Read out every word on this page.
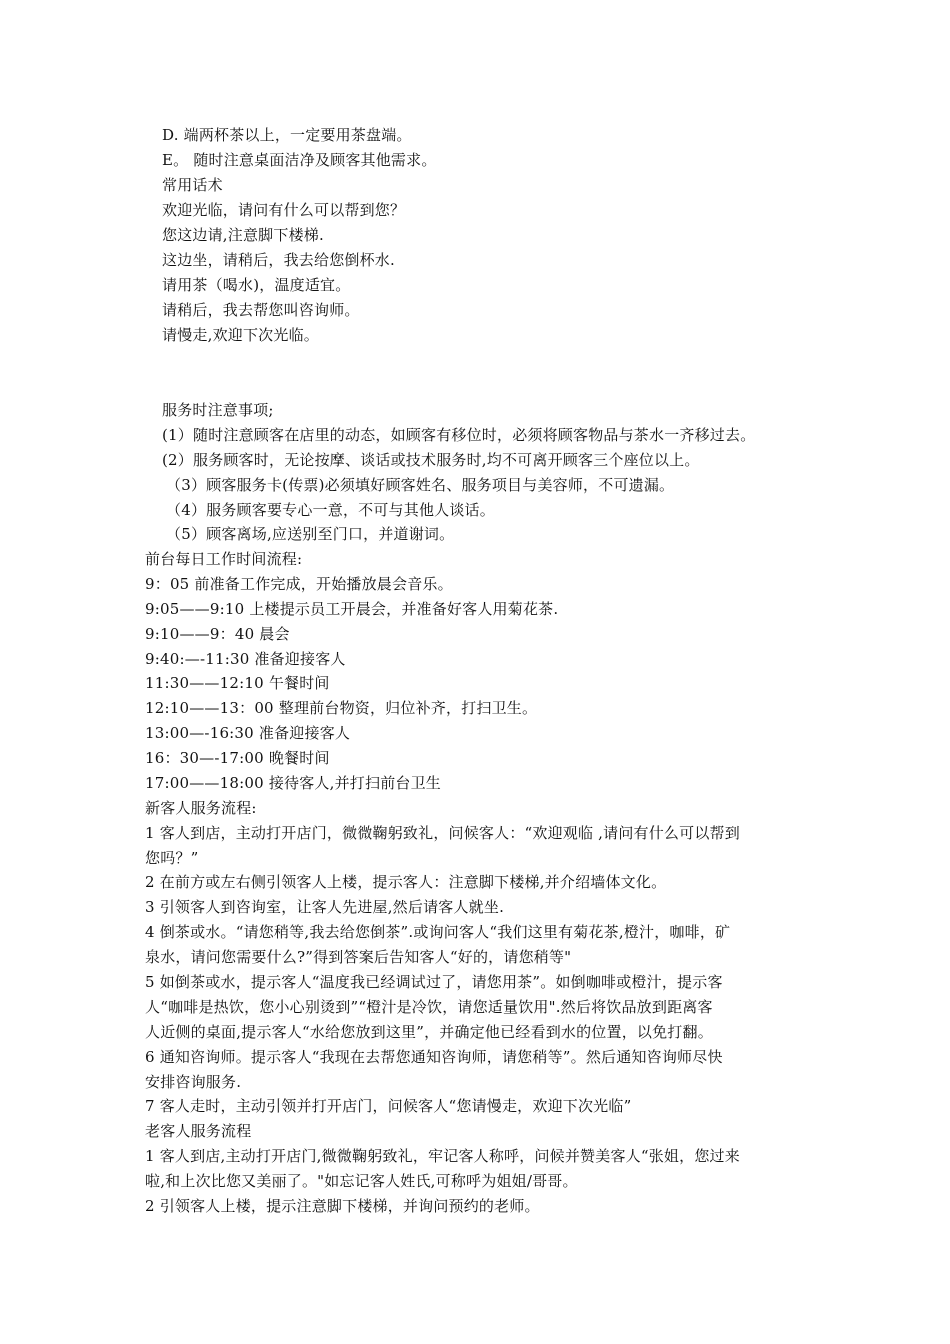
D. 端两杯茶以上，一定要用茶盘端。
E。 随时注意桌面洁净及顾客其他需求。
常用话术
欢迎光临，请问有什么可以帮到您？
您这边请,注意脚下楼梯.
这边坐，请稍后，我去给您倒杯水.
请用茶（喝水)，温度适宜。
请稍后，我去帮您叫咨询师。
请慢走,欢迎下次光临。
服务时注意事项;
(1）随时注意顾客在店里的动态，如顾客有移位时，必须将顾客物品与茶水一齐移过去。
(2）服务顾客时，无论按摩、谈话或技术服务时,均不可离开顾客三个座位以上。
（3）顾客服务卡(传票)必须填好顾客姓名、服务项目与美容师，不可遗漏。
（4）服务顾客要专心一意，不可与其他人谈话。
（5）顾客离场,应送别至门口，并道谢词。
前台每日工作时间流程:
9：05 前准备工作完成，开始播放晨会音乐。
9:05——9:10 上楼提示员工开晨会，并准备好客人用菊花茶.
9:10——9：40 晨会
9:40:—-11:30 准备迎接客人
11:30——12:10 午餐时间
12:10——13：00 整理前台物资，归位补齐，打扫卫生。
13:00—-16:30 准备迎接客人
16：30—-17:00 晚餐时间
17:00——18:00 接待客人,并打扫前台卫生
新客人服务流程:
1 客人到店，主动打开店门，微微鞠躬致礼，问候客人：“欢迎观临 ,请问有什么可以帮到
您吗？”
2 在前方或左右侧引领客人上楼，提示客人：注意脚下楼梯,并介绍墙体文化。
3 引领客人到咨询室，让客人先进屋,然后请客人就坐.
4 倒茶或水。“请您稍等,我去给您倒茶”.或询问客人“我们这里有菊花茶,橙汁，咖啡，矿
泉水，请问您需要什么?”得到答案后告知客人“好的，请您稍等"
5 如倒茶或水，提示客人“温度我已经调试过了，请您用茶”。如倒咖啡或橙汁，提示客
人“咖啡是热饮，您小心别烫到”“橙汁是冷饮，请您适量饮用".然后将饮品放到距离客
人近侧的桌面,提示客人“水给您放到这里”，并确定他已经看到水的位置，以免打翻。
6 通知咨询师。提示客人“我现在去帮您通知咨询师，请您稍等”。然后通知咨询师尽快
安排咨询服务.
7 客人走时，主动引领并打开店门，问候客人“您请慢走，欢迎下次光临”
老客人服务流程
1 客人到店,主动打开店门,微微鞠躬致礼，牢记客人称呼，问候并赞美客人“张姐，您过来
啦,和上次比您又美丽了。"如忘记客人姓氏,可称呼为姐姐/哥哥。
2 引领客人上楼，提示注意脚下楼梯，并询问预约的老师。
